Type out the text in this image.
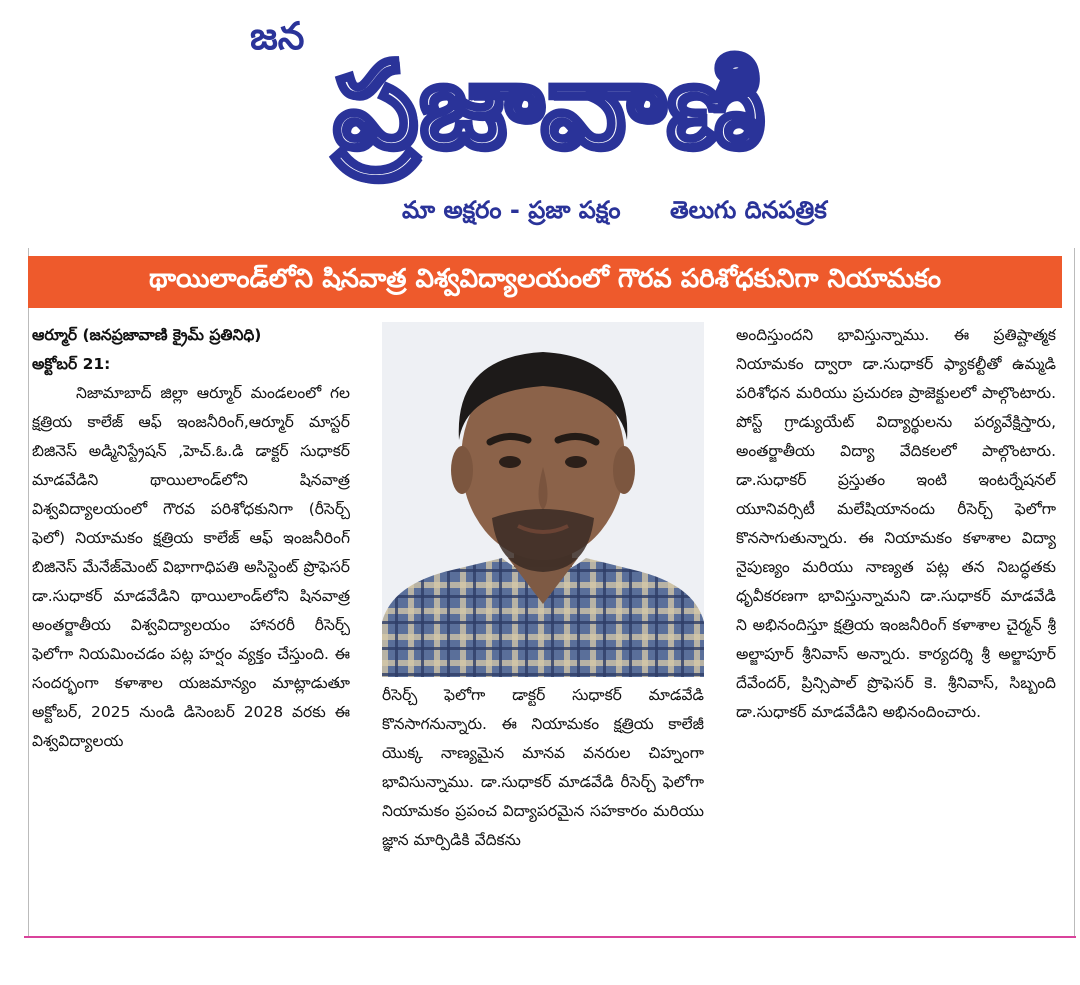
జన ప్రజావాణి
మా అక్షరం - ప్రజా పక్షం తెలుగు దినపత్రిక
థాయిలాండ్‌లోని షినవాత్ర విశ్వవిద్యాలయంలో గౌరవ పరిశోధకునిగా నియామకం
ఆర్మూర్ (జనప్రజావాణి క్రైమ్ ప్రతినిధి)
అక్టోబర్ 21:
నిజామాబాద్ జిల్లా ఆర్మూర్ మండలంలో గల క్షత్రియ కాలేజ్ ఆఫ్ ఇంజనీరింగ్,ఆర్మూర్ మాస్టర్ బిజినెస్ అడ్మినిస్ట్రేషన్ ,హెచ్.ఓ.డి డాక్టర్ సుధాకర్ మాడవేడిని థాయిలాండ్‌లోని షినవాత్ర విశ్వవిద్యాలయంలో గౌరవ పరిశోధకునిగా (రీసెర్చ్ ఫెలో) నియామకం క్షత్రియ కాలేజ్ ఆఫ్ ఇంజనీరింగ్ బిజినెస్ మేనేజ్‌మెంట్ విభాగాధిపతి అసిస్టెంట్ ప్రొఫెసర్ డా.సుధాకర్ మాడవేడిని థాయిలాండ్‌లోని షినవాత్ర అంతర్జాతీయ విశ్వవిద్యాలయం హానరరీ రీసెర్చ్ ఫెలోగా నియమించడం పట్ల హర్షం వ్యక్తం చేస్తుంది. ఈ సందర్భంగా కళాశాల యజమాన్యం మాట్లాడుతూ అక్టోబర్, 2025 నుండి డిసెంబర్ 2028 వరకు ఈ విశ్వవిద్యాలయ
రీసెర్చ్ ఫెలోగా డాక్టర్ సుధాకర్ మాడవేడి కొనసాగనున్నారు. ఈ నియామకం క్షత్రియ కాలేజీ యొక్క నాణ్యమైన మానవ వనరుల చిహ్నంగా భావిసున్నాము. డా.సుధాకర్ మాడవేడి రీసెర్చ్ ఫెలోగా నియామకం ప్రపంచ విద్యాపరమైన సహకారం మరియు జ్ఞాన మార్పిడికి వేదికను
అందిస్తుందని భావిస్తున్నాము. ఈ ప్రతిష్టాత్మక నియామకం ద్వారా డా.సుధాకర్ ఫ్యాకల్టీతో ఉమ్మడి పరిశోధన మరియు ప్రచురణ ప్రాజెక్టులలో పాల్గొంటారు. పోస్ట్ గ్రాడ్యుయేట్ విద్యార్థులను పర్యవేక్షిస్తారు, అంతర్జాతీయ విద్యా వేదికలలో పాల్గొంటారు. డా.సుధాకర్ ప్రస్తుతం ఇంటి ఇంటర్నేషనల్ యూనివర్సిటీ మలేషియానందు రీసెర్చ్ ఫెలోగా కొనసాగుతున్నారు. ఈ నియామకం కళాశాల విద్యా నైపుణ్యం మరియు నాణ్యత పట్ల తన నిబద్ధతకు ధృవీకరణగా భావిస్తున్నామని డా.సుధాకర్ మాడవేడి ని అభినందిస్తూ క్షత్రియ ఇంజనీరింగ్ కళాశాల చైర్మన్ శ్రీ అల్జాపూర్ శ్రీనివాస్ అన్నారు. కార్యదర్శి శ్రీ అల్జాపూర్ దేవేందర్, ప్రిన్సిపాల్ ప్రొఫెసర్ కె. శ్రీనివాస్, సిబ్బంది డా.సుధాకర్ మాడవేడిని అభినందించారు.
